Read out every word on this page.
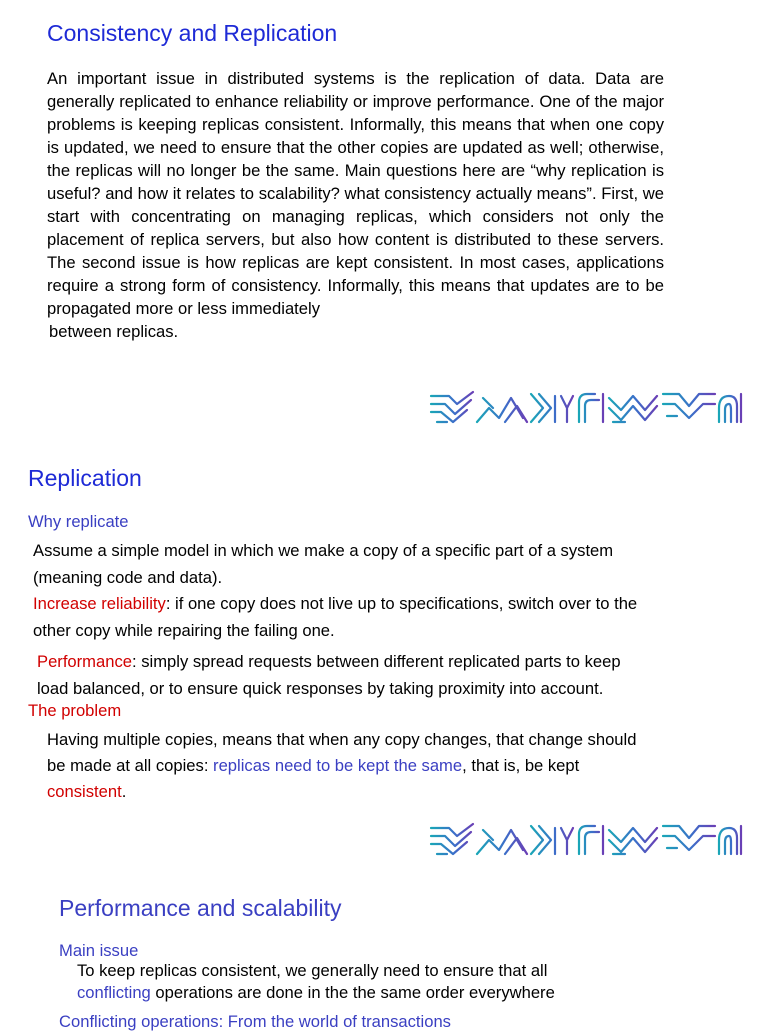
Consistency and Replication
An important issue in distributed systems is the replication of data. Data are generally replicated to enhance reliability or improve performance. One of the major problems is keeping replicas consistent. Informally, this means that when one copy is updated, we need to ensure that the other copies are updated as well; otherwise, the replicas will no longer be the same. Main questions here are “why replication is useful? and how it relates to scalability? what consistency actually means”. First, we start with concentrating on managing replicas, which considers not only the placement of replica servers, but also how content is distributed to these servers. The second issue is how replicas are kept consistent. In most cases, applications require a strong form of consistency. Informally, this means that updates are to be propagated more or less immediately
between replicas.
Replication
Why replicate
Assume a simple model in which we make a copy of a specific part of a system
(meaning code and data).
Increase reliability: if one copy does not live up to specifications, switch over to the
other copy while repairing the failing one.
Performance: simply spread requests between different replicated parts to keep
load balanced, or to ensure quick responses by taking proximity into account.
The problem
Having multiple copies, means that when any copy changes, that change should
be made at all copies: replicas need to be kept the same, that is, be kept
consistent.
Performance and scalability
Main issue
To keep replicas consistent, we generally need to ensure that all
conflicting operations are done in the the same order everywhere
Conflicting operations: From the world of transactions
